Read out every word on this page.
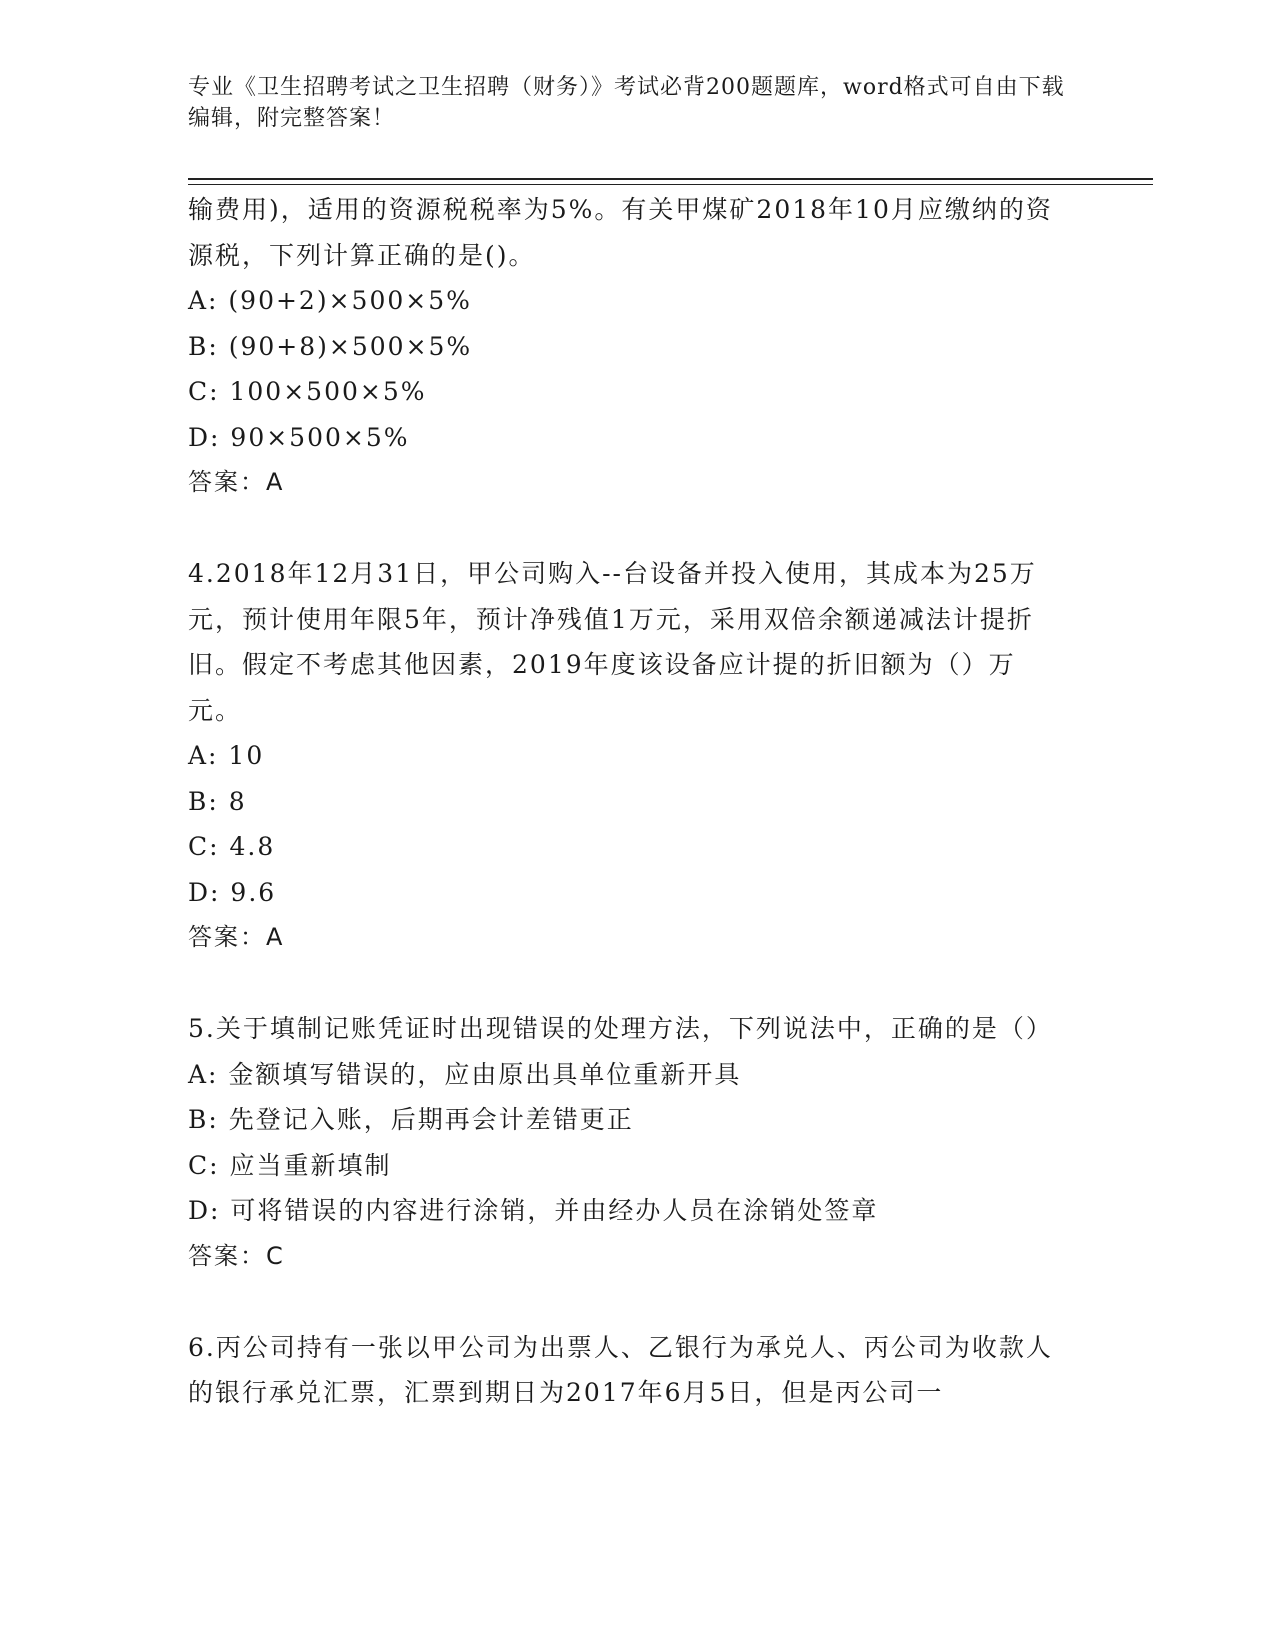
专业《卫生招聘考试之卫生招聘（财务）》考试必背200题题库，word格式可自由下载编辑，附完整答案！
输费用)，适用的资源税税率为5%。有关甲煤矿2018年10月应缴纳的资源税，下列计算正确的是()。
A: (90+2)×500×5%
B: (90+8)×500×5%
C: 100×500×5%
D: 90×500×5%
答案：A
4.2018年12月31日，甲公司购入--台设备并投入使用，其成本为25万元，预计使用年限5年，预计净残值1万元，采用双倍余额递减法计提折旧。假定不考虑其他因素，2019年度该设备应计提的折旧额为（）万元。
A: 10
B: 8
C: 4.8
D: 9.6
答案：A
5.关于填制记账凭证时出现错误的处理方法，下列说法中，正确的是（）
A: 金额填写错误的，应由原出具单位重新开具
B: 先登记入账，后期再会计差错更正
C: 应当重新填制
D: 可将错误的内容进行涂销，并由经办人员在涂销处签章
答案：C
6.丙公司持有一张以甲公司为出票人、乙银行为承兑人、丙公司为收款人的银行承兑汇票，汇票到期日为2017年6月5日，但是丙公司一
